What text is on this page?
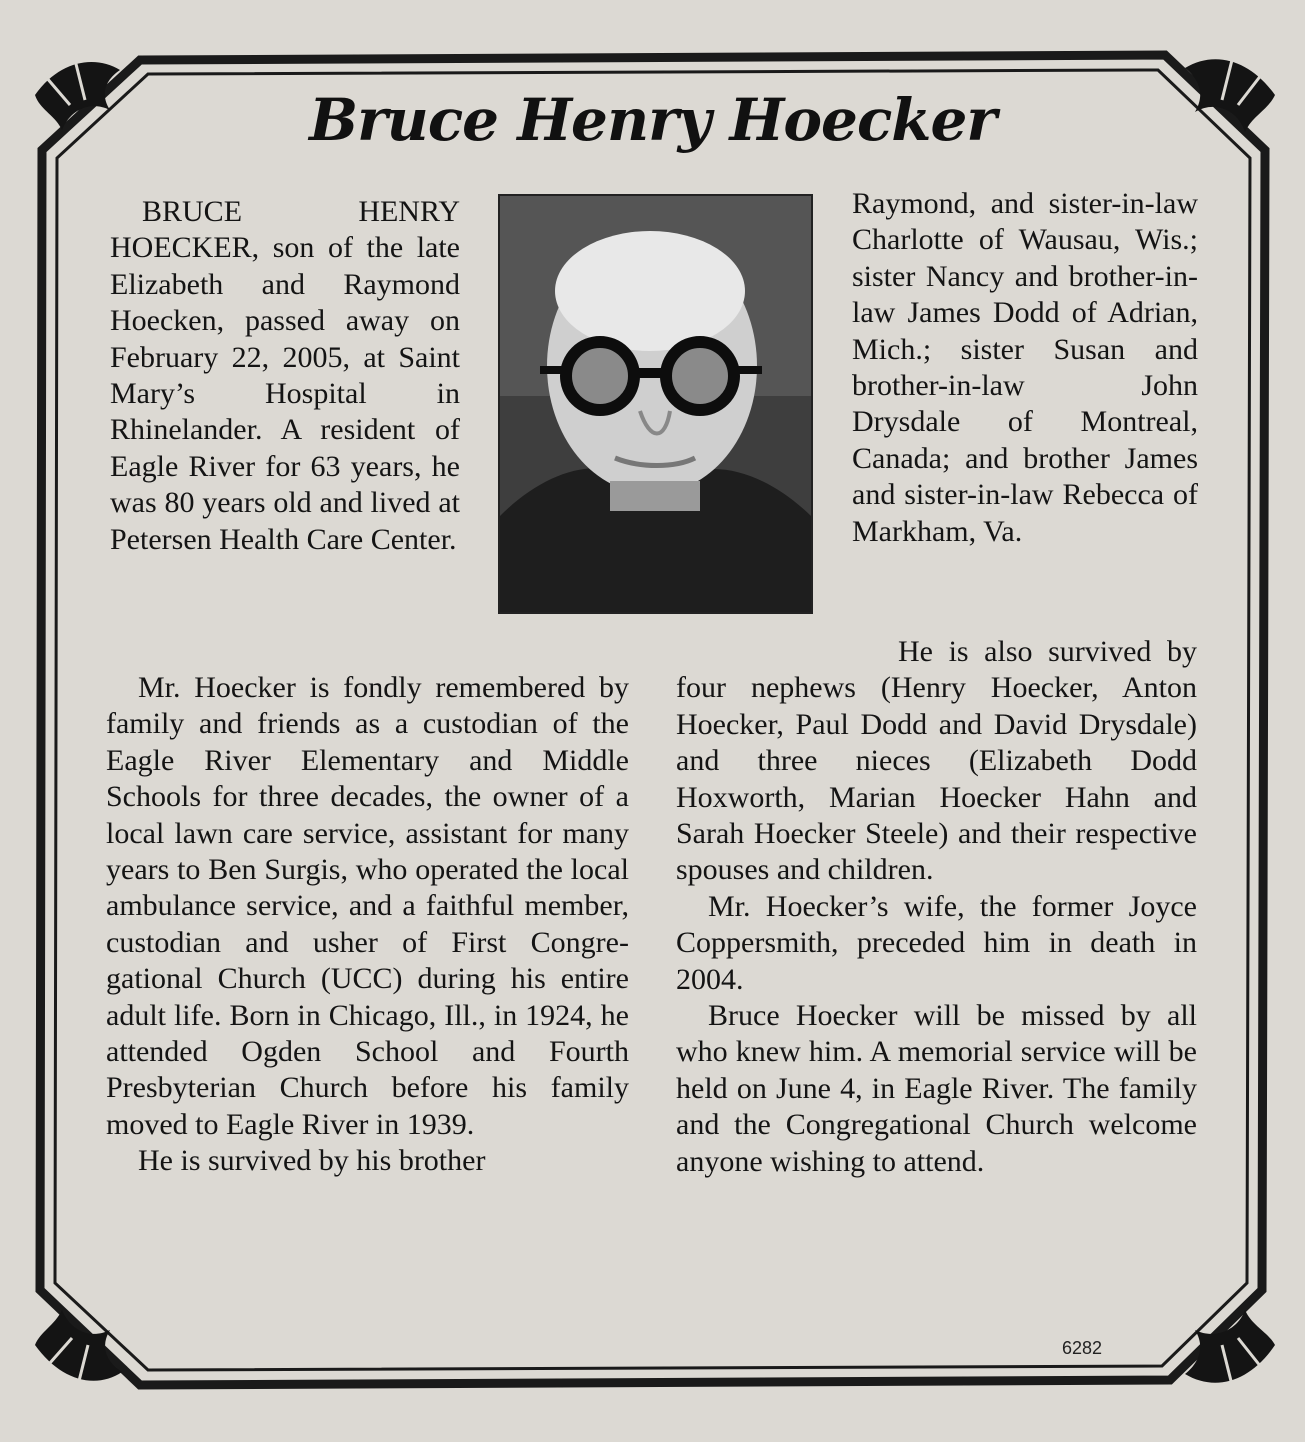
Bruce Henry Hoecker

BRUCE HENRY HOECKER, son of the late Elizabeth and Raymond Hoecken, passed away on February 22, 2005, at Saint Mary’s Hospital in Rhinelander. A resident of Eagle River for 63 years, he was 80 years old and lived at Petersen Health Care Center.

Raymond, and sister-in-law Charlotte of Wausau, Wis.; sister Nancy and brother-in-law James Dodd of Adrian, Mich.; sister Susan and brother-in-law John Drysdale of Montreal, Canada; and brother James and sister-in-law Rebecca of Markham, Va.

Mr. Hoecker is fondly remembered by family and friends as a custodian of the Eagle River Elementary and Middle Schools for three decades, the owner of a local lawn care service, assistant for many years to Ben Surgis, who operated the local ambulance service, and a faithful member, custodian and usher of First Congregational Church (UCC) during his entire adult life. Born in Chicago, Ill., in 1924, he attended Ogden School and Fourth Presbyterian Church before his family moved to Eagle River in 1939.

He is survived by his brother

He is also survived by four nephews (Henry Hoecker, Anton Hoecker, Paul Dodd and David Drysdale) and three nieces (Elizabeth Dodd Hoxworth, Marian Hoecker Hahn and Sarah Hoecker Steele) and their respective spouses and children.

Mr. Hoecker’s wife, the former Joyce Coppersmith, preceded him in death in 2004.

Bruce Hoecker will be missed by all who knew him. A memorial service will be held on June 4, in Eagle River. The family and the Congregational Church welcome anyone wishing to attend.

6282
